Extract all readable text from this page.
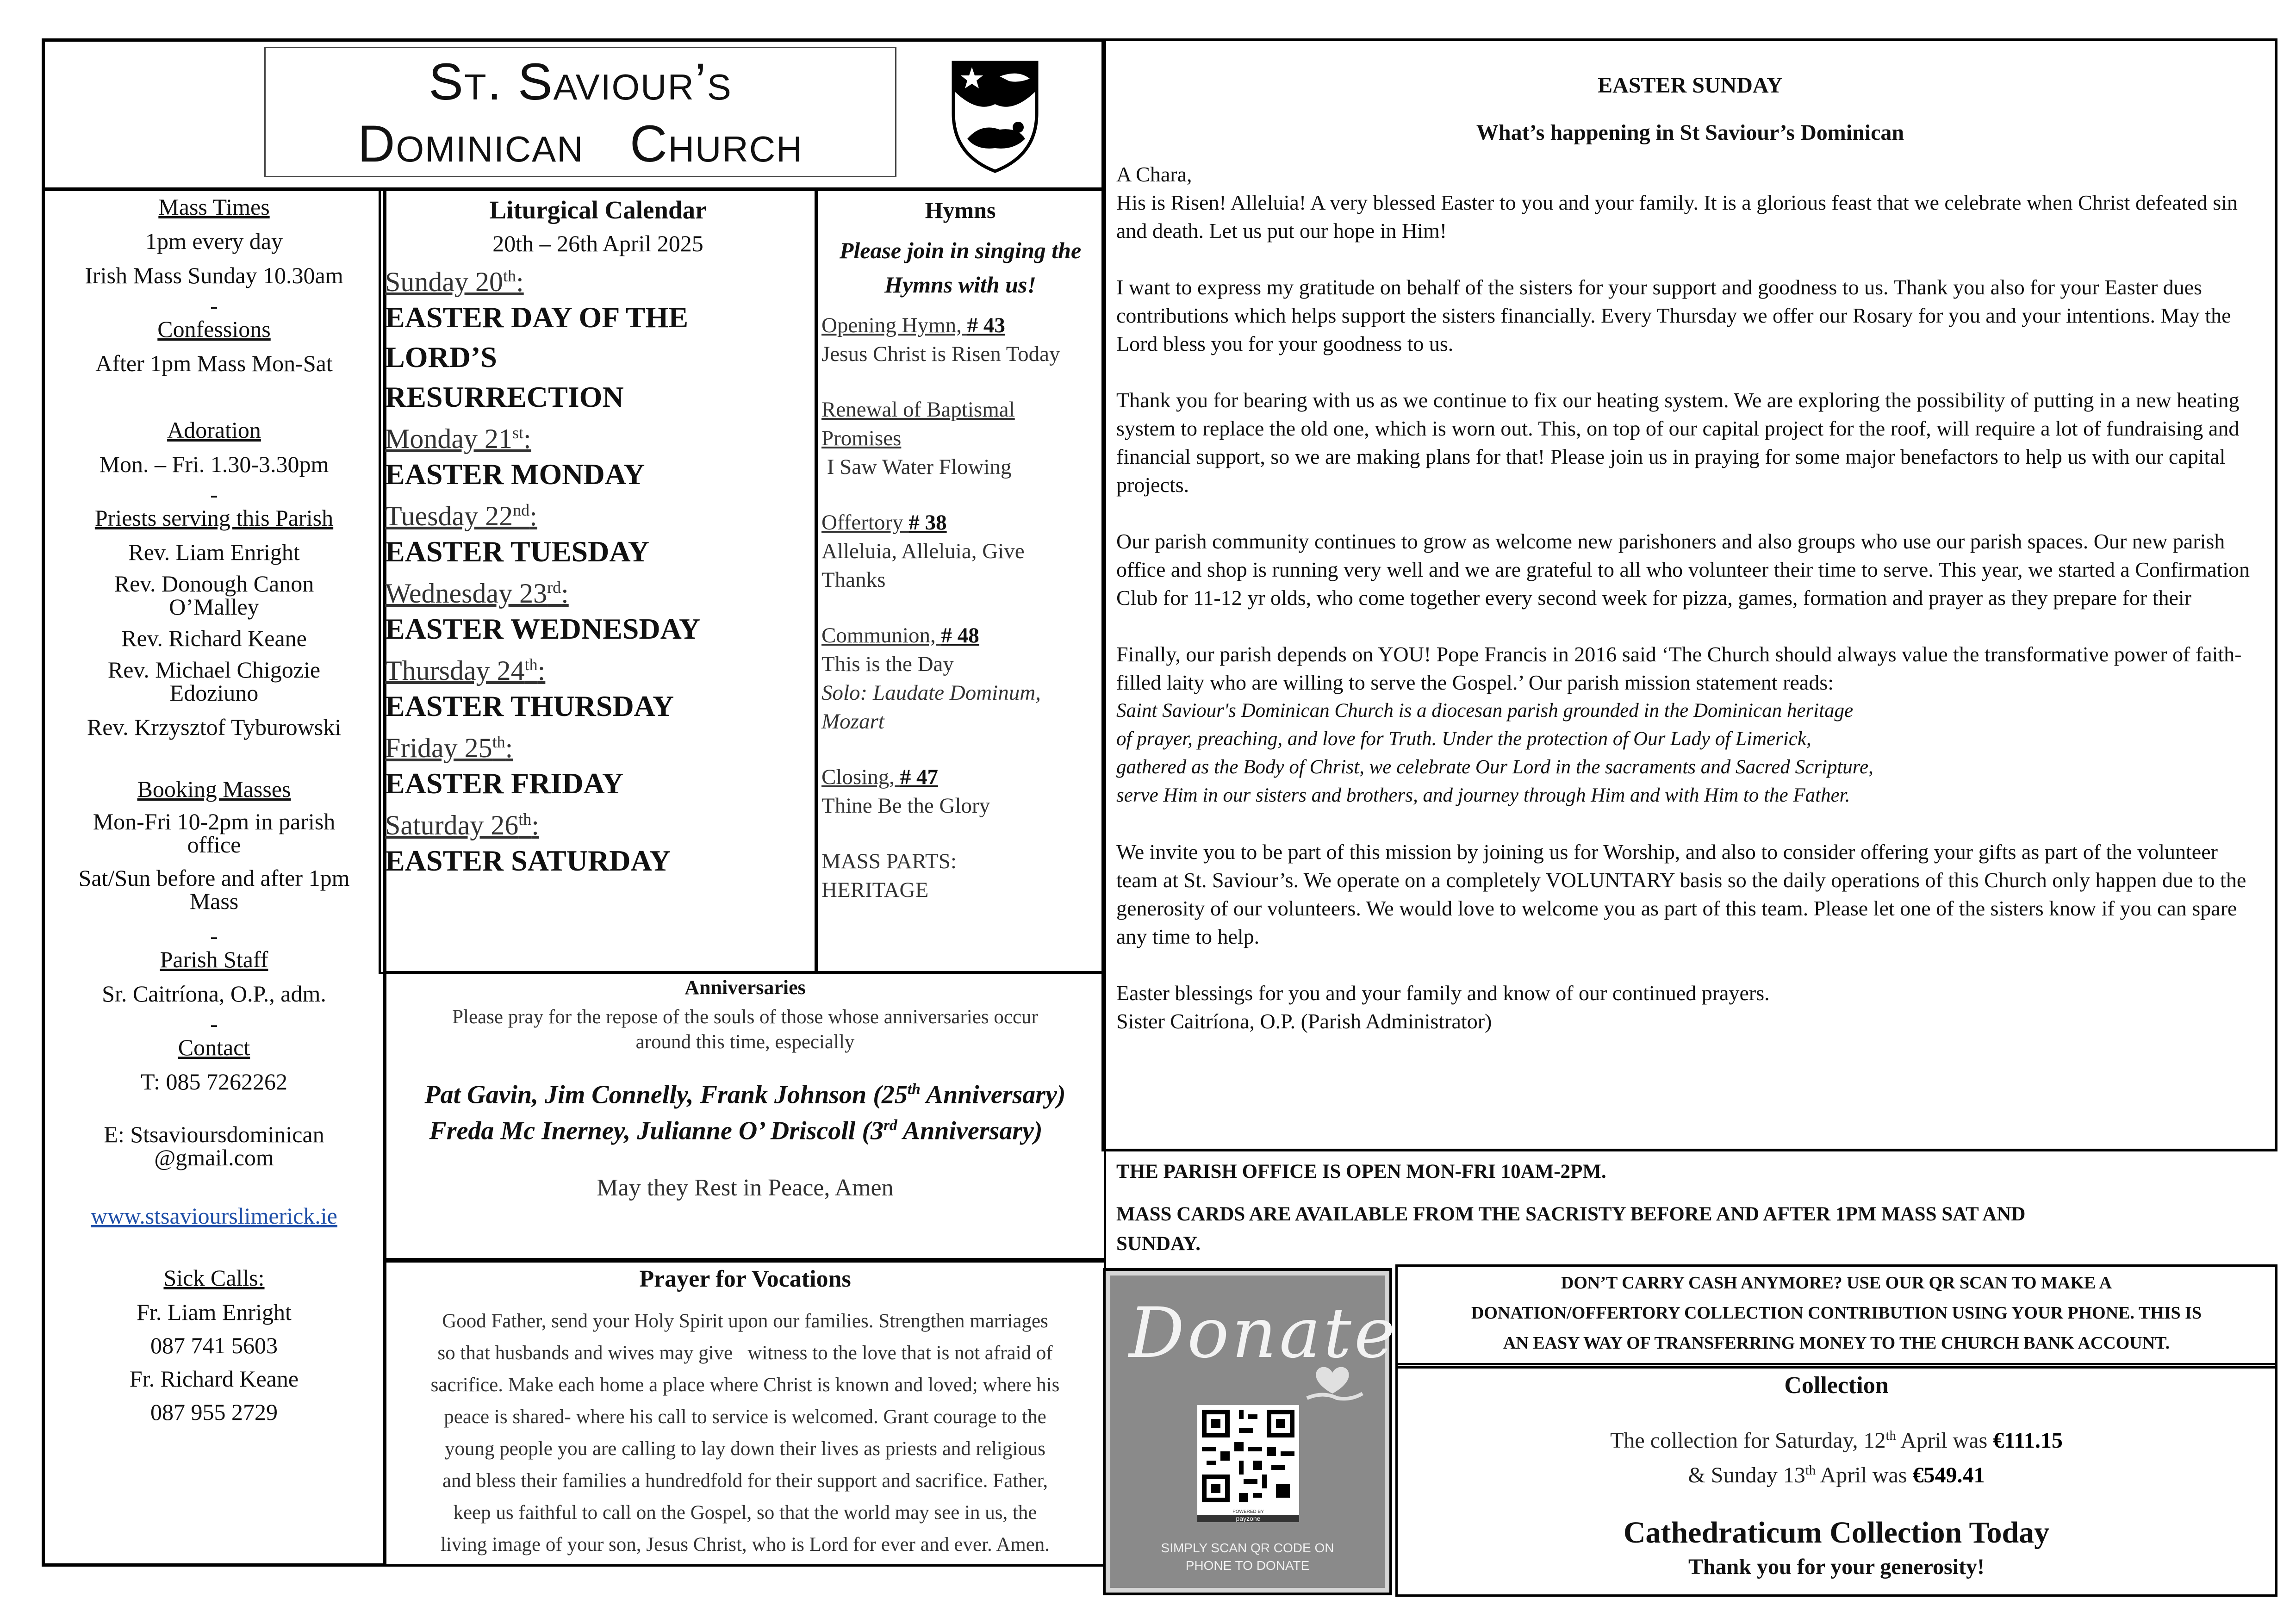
St. Saviour’s
Dominican   Church
Mass Times
1pm every day
Irish Mass Sunday 10.30am
-
Confessions
After 1pm Mass Mon-Sat
Adoration
Mon. – Fri. 1.30-3.30pm
-
Priests serving this Parish
Rev. Liam Enright
Rev. Donough Canon
O’Malley
Rev. Richard Keane
Rev. Michael Chigozie
Edoziuno
Rev. Krzysztof Tyburowski
Booking Masses
Mon-Fri 10-2pm in parish
office
Sat/Sun before and after 1pm
Mass
-
Parish Staff
Sr. Caitríona, O.P., adm.
-
Contact
T: 085 7262262
E: Stsavioursdominican
@gmail.com
www.stsaviourslimerick.ie
Sick Calls:
Fr. Liam Enright
087 741 5603
Fr. Richard Keane
087 955 2729
Liturgical Calendar
20th – 26th April 2025
Sunday 20th:
EASTER DAY OF THE
LORD’S
RESURRECTION
Monday 21st:
EASTER MONDAY
Tuesday 22nd:
EASTER TUESDAY
Wednesday 23rd:
EASTER WEDNESDAY
Thursday 24th:
EASTER THURSDAY
Friday 25th:
EASTER FRIDAY
Saturday 26th:
EASTER SATURDAY
Hymns
Please join in singing the
Hymns with us!
Opening Hymn, # 43
Jesus Christ is Risen Today
Renewal of Baptismal
Promises
I Saw Water Flowing
Offertory # 38
Alleluia, Alleluia, Give
Thanks
Communion, # 48
This is the Day
Solo: Laudate Dominum,
Mozart
Closing, # 47
Thine Be the Glory
MASS PARTS:
HERITAGE
Anniversaries
Please pray for the repose of the souls of those whose anniversaries occur
around this time, especially
Pat Gavin, Jim Connelly, Frank Johnson (25th Anniversary)
Freda Mc Inerney, Julianne O’ Driscoll (3rd Anniversary)
May they Rest in Peace, Amen
Prayer for Vocations
Good Father, send your Holy Spirit upon our families. Strengthen marriages
so that husbands and wives may give   witness to the love that is not afraid of
sacrifice. Make each home a place where Christ is known and loved; where his
peace is shared- where his call to service is welcomed. Grant courage to the
young people you are calling to lay down their lives as priests and religious
and bless their families a hundredfold for their support and sacrifice. Father,
keep us faithful to call on the Gospel, so that the world may see in us, the
living image of your son, Jesus Christ, who is Lord for ever and ever. Amen.
EASTER SUNDAY
What’s happening in St Saviour’s Dominican
A Chara,

His is Risen! Alleluia! A very blessed Easter to you and your family. It is a glorious feast that we celebrate when Christ defeated sin and death. Let us put our hope in Him!

I want to express my gratitude on behalf of the sisters for your support and goodness to us. Thank you also for your Easter dues contributions which helps support the sisters financially. Every Thursday we offer our Rosary for you and your intentions. May the Lord bless you for your goodness to us.

Thank you for bearing with us as we continue to fix our heating system. We are exploring the possibility of putting in a new heating system to replace the old one, which is worn out. This, on top of our capital project for the roof, will require a lot of fundraising and financial support, so we are making plans for that! Please join us in praying for some major benefactors to help us with our capital projects.

Our parish community continues to grow as welcome new parishoners and also groups who use our parish spaces. Our new parish office and shop is running very well and we are grateful to all who volunteer their time to serve. This year, we started a Confirmation Club for 11-12 yr olds, who come together every second week for pizza, games, formation and prayer as they prepare for their

Finally, our parish depends on YOU! Pope Francis in 2016 said ‘The Church should always value the transformative power of faith-filled laity who are willing to serve the Gospel.’ Our parish mission statement reads:

Saint Saviour's Dominican Church is a diocesan parish grounded in the Dominican heritage
of prayer, preaching, and love for Truth. Under the protection of Our Lady of Limerick,
gathered as the Body of Christ, we celebrate Our Lord in the sacraments and Sacred Scripture,
serve Him in our sisters and brothers, and journey through Him and with Him to the Father.

We invite you to be part of this mission by joining us for Worship, and also to consider offering your gifts as part of the volunteer team at St. Saviour’s. We operate on a completely VOLUNTARY basis so the daily operations of this Church only happen due to the generosity of our volunteers. We would love to welcome you as part of this team. Please let one of the sisters know if you can spare any time to help.

Easter blessings for you and your family and know of our continued prayers.
Sister Caitríona, O.P. (Parish Administrator)
THE PARISH OFFICE IS OPEN MON-FRI 10AM-2PM.
MASS CARDS ARE AVAILABLE FROM THE SACRISTY BEFORE AND AFTER 1PM MASS SAT AND
SUNDAY.
Donate
POWERED BY
payzone
SIMPLY SCAN QR CODE ON
PHONE TO DONATE
DON’T CARRY CASH ANYMORE? USE OUR QR SCAN TO MAKE A
DONATION/OFFERTORY COLLECTION CONTRIBUTION USING YOUR PHONE. THIS IS
AN EASY WAY OF TRANSFERRING MONEY TO THE CHURCH BANK ACCOUNT.
Collection
The collection for Saturday, 12th April was €111.15
& Sunday 13th April was €549.41
Cathedraticum Collection Today
Thank you for your generosity!
